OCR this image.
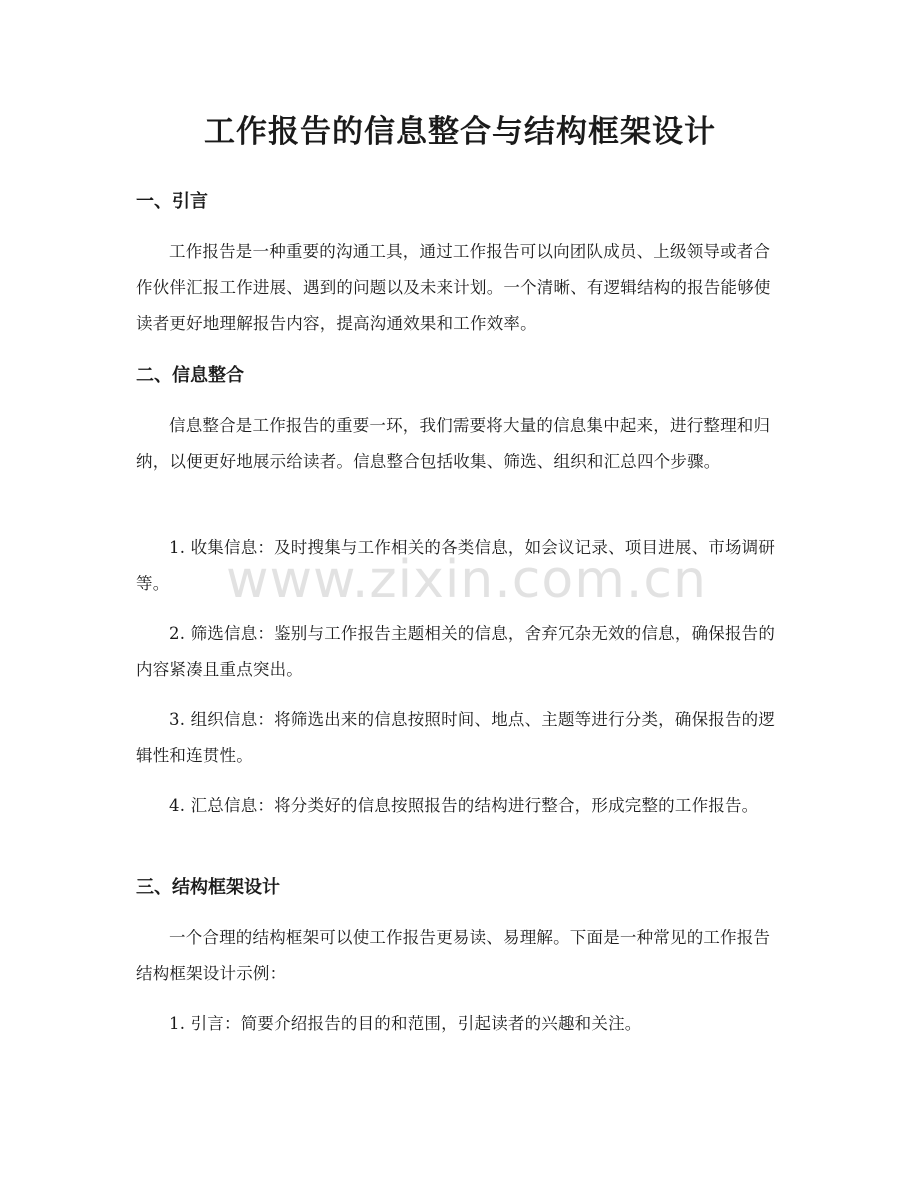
工作报告的信息整合与结构框架设计
一、引言

工作报告是一种重要的沟通工具，通过工作报告可以向团队成员、上级领导或者合作伙伴汇报工作进展、遇到的问题以及未来计划。一个清晰、有逻辑结构的报告能够使读者更好地理解报告内容，提高沟通效果和工作效率。

二、信息整合

信息整合是工作报告的重要一环，我们需要将大量的信息集中起来，进行整理和归纳，以便更好地展示给读者。信息整合包括收集、筛选、组织和汇总四个步骤。

1. 收集信息：及时搜集与工作相关的各类信息，如会议记录、项目进展、市场调研等。

2. 筛选信息：鉴别与工作报告主题相关的信息，舍弃冗杂无效的信息，确保报告的内容紧凑且重点突出。

3. 组织信息：将筛选出来的信息按照时间、地点、主题等进行分类，确保报告的逻辑性和连贯性。

4. 汇总信息：将分类好的信息按照报告的结构进行整合，形成完整的工作报告。

三、结构框架设计

一个合理的结构框架可以使工作报告更易读、易理解。下面是一种常见的工作报告结构框架设计示例：

1. 引言：简要介绍报告的目的和范围，引起读者的兴趣和关注。

www.zixin.com.cn
